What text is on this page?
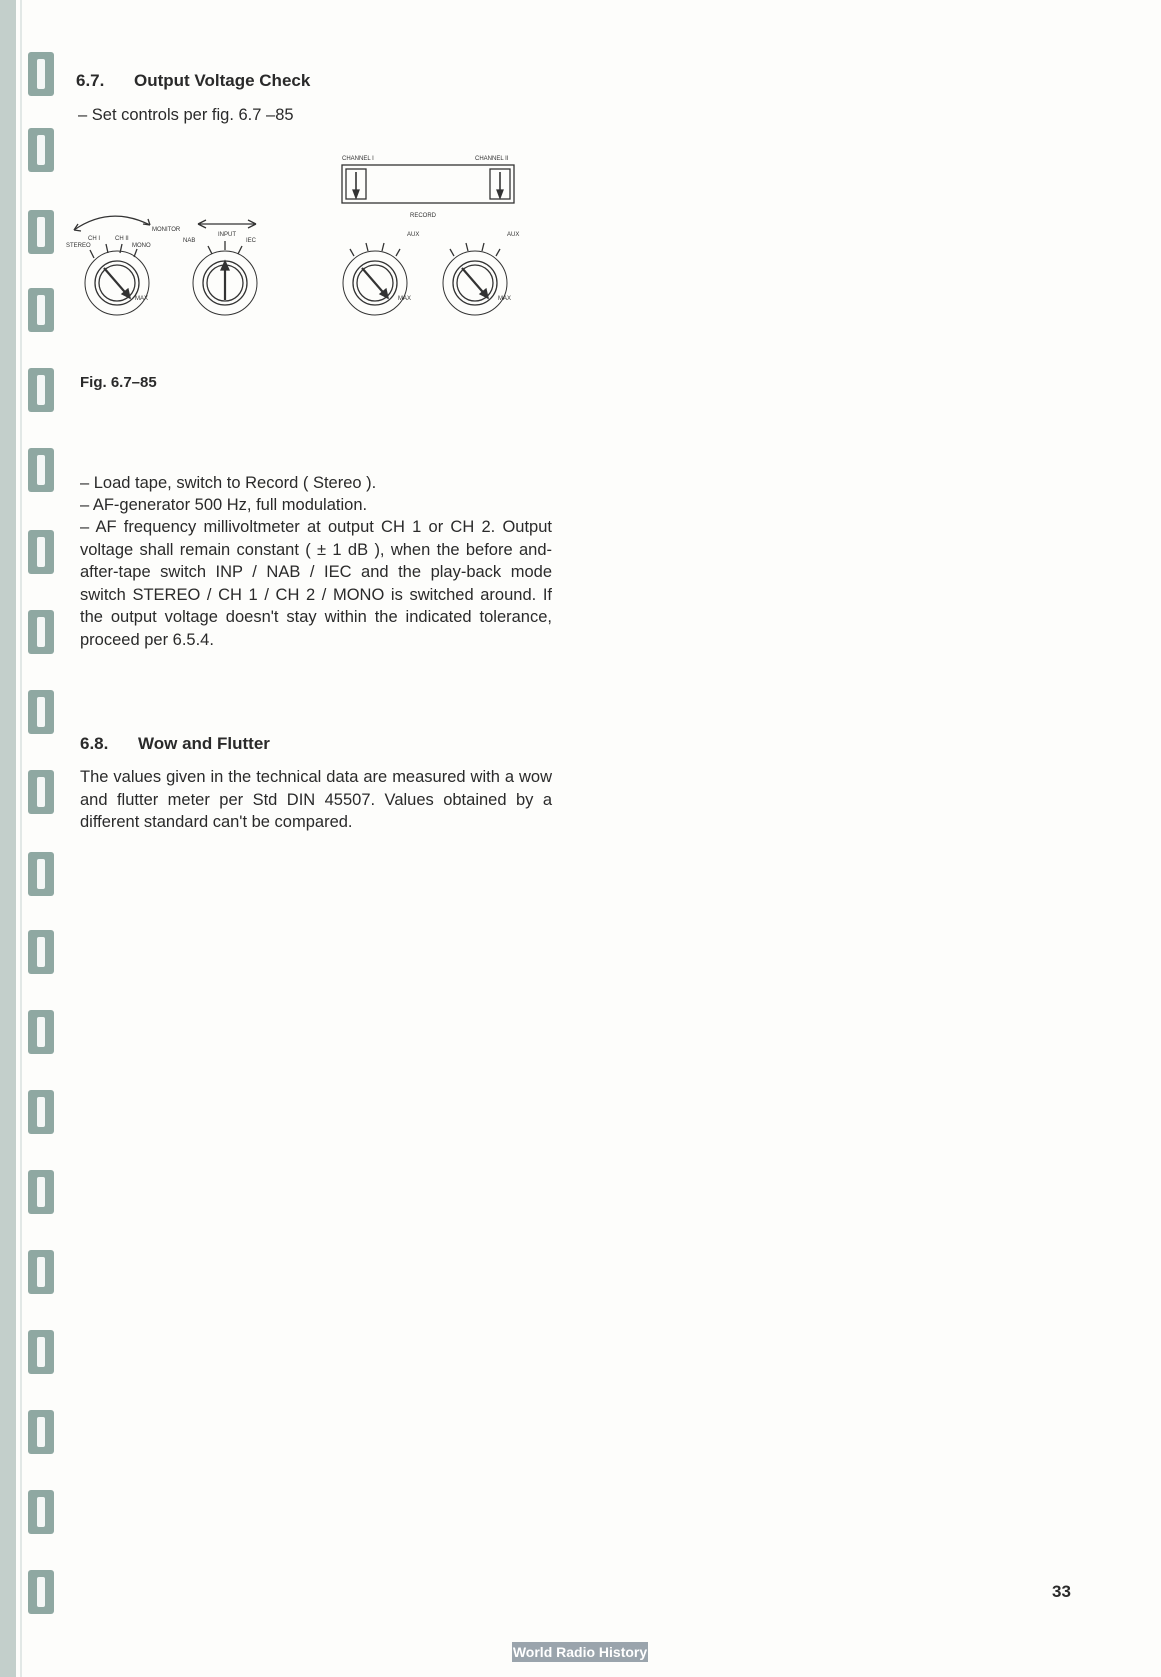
6.7. Output Voltage Check
– Set controls per fig. 6.7 –85
MONITOR
CH I	CH II
STEREO	MONO
NAB
INPUT
IEC
CHANNEL I	CHANNEL II
RECORD
AUX	AUX
MAX	MAX	MAX
Fig. 6.7–85

– Load tape, switch to Record ( Stereo ).

– AF-generator 500 Hz, full modulation.

– AF frequency millivoltmeter at output CH 1 or CH 2. Output voltage shall remain constant ( ± 1 dB ), when the before and-after-tape switch INP / NAB / IEC and the play-back mode switch STEREO / CH 1 / CH 2 / MONO is switched around. If the output voltage doesn't stay within the indicated tolerance, proceed per 6.5.4.

6.8. Wow and Flutter

The values given in the technical data are measured with a wow and flutter meter per Std DIN 45507. Values obtained by a different standard can't be compared.

33
World Radio History
